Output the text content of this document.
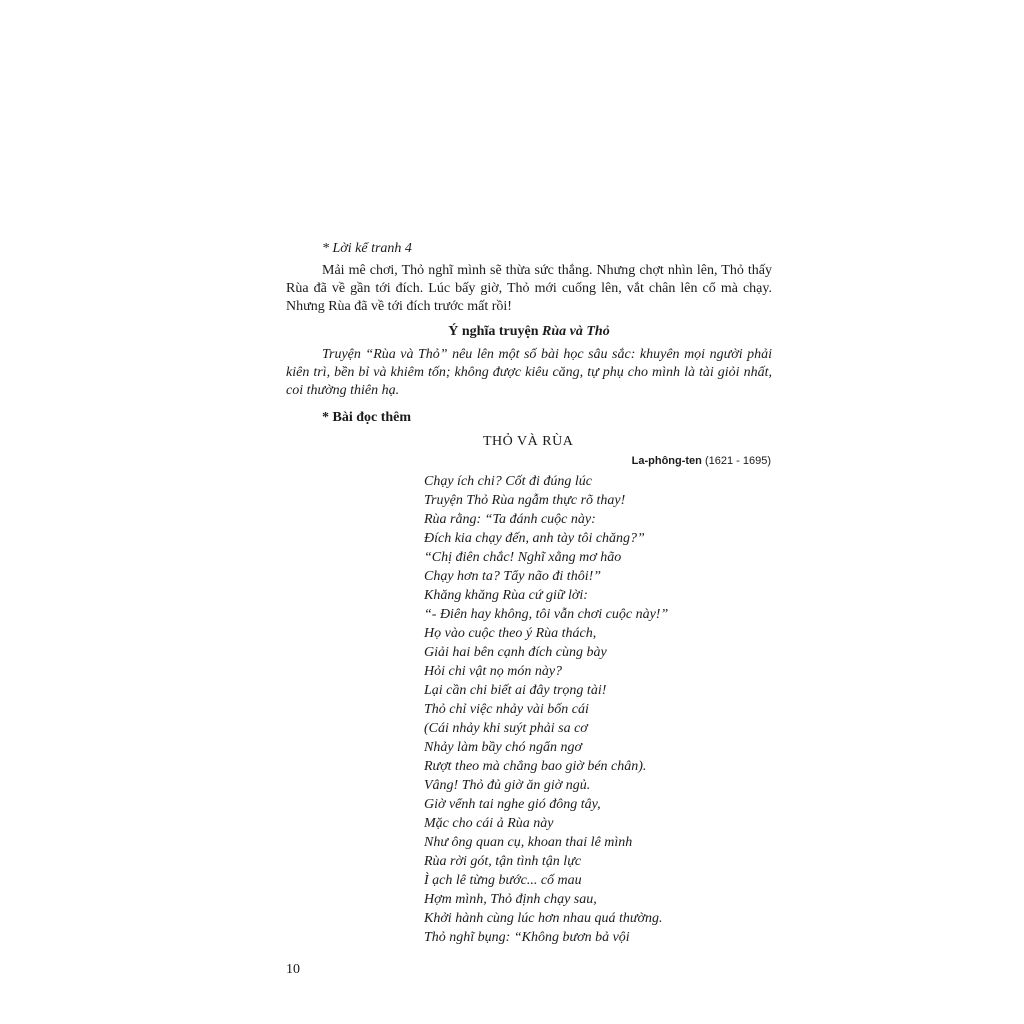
* Lời kể tranh 4

Mải mê chơi, Thỏ nghĩ mình sẽ thừa sức thắng. Nhưng chợt nhìn lên, Thỏ thấy Rùa đã về gần tới đích. Lúc bấy giờ, Thỏ mới cuống lên, vắt chân lên cổ mà chạy. Nhưng Rùa đã về tới đích trước mất rồi!

Ý nghĩa truyện Rùa và Thỏ

Truyện “Rùa và Thỏ” nêu lên một số bài học sâu sắc: khuyên mọi người phải kiên trì, bền bỉ và khiêm tốn; không được kiêu căng, tự phụ cho mình là tài giỏi nhất, coi thường thiên hạ.

* Bài đọc thêm
THỎ VÀ RÙA
La-phông-ten (1621 - 1695)
Chạy ích chi? Cốt đi đúng lúc
Truyện Thỏ Rùa ngẫm thực rõ thay!
Rùa rằng: “Ta đánh cuộc này:
Đích kia chạy đến, anh tày tôi chăng?”
“Chị điên chắc! Nghĩ xằng mơ hão
Chạy hơn ta? Tẩy não đi thôi!”
Khăng khăng Rùa cứ giữ lời:
“- Điên hay không, tôi vẫn chơi cuộc này!”
Họ vào cuộc theo ý Rùa thách,
Giải hai bên cạnh đích cùng bày
Hỏi chi vật nọ món này?
Lại cần chi biết ai đây trọng tài!
Thỏ chỉ việc nhảy vài bốn cái
(Cái nhảy khi suýt phải sa cơ
Nhảy làm bầy chó ngẩn ngơ
Rượt theo mà chẳng bao giờ bén chân).
Vâng! Thỏ đủ giờ ăn giờ ngủ.
Giờ vểnh tai nghe gió đông tây,
Mặc cho cái ả Rùa này
Như ông quan cụ, khoan thai lê mình
Rùa rời gót, tận tình tận lực
Ì ạch lê từng bước... cố mau
Hợm mình, Thỏ định chạy sau,
Khởi hành cùng lúc hơn nhau quá thường.
Thỏ nghĩ bụng: “Không bươn bả vội
10
